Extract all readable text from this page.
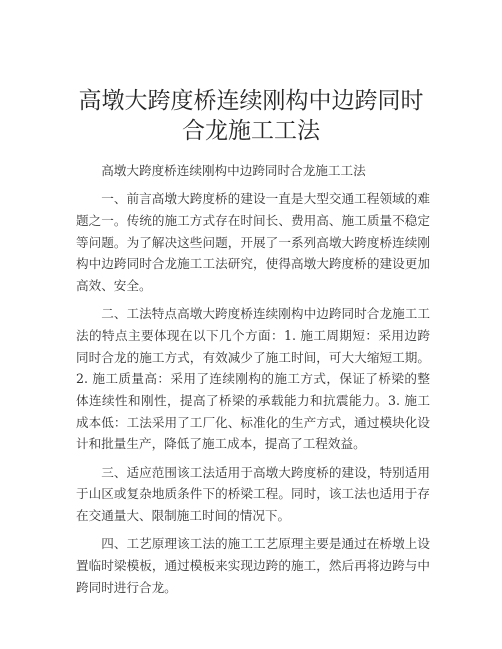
高墩大跨度桥连续刚构中边跨同时
合龙施工工法

高墩大跨度桥连续刚构中边跨同时合龙施工工法

一、前言高墩大跨度桥的建设一直是大型交通工程领域的难题之一。传统的施工方式存在时间长、费用高、施工质量不稳定等问题。为了解决这些问题，开展了一系列高墩大跨度桥连续刚构中边跨同时合龙施工工法研究，使得高墩大跨度桥的建设更加高效、安全。

二、工法特点高墩大跨度桥连续刚构中边跨同时合龙施工工法的特点主要体现在以下几个方面：1. 施工周期短：采用边跨同时合龙的施工方式，有效减少了施工时间，可大大缩短工期。2. 施工质量高：采用了连续刚构的施工方式，保证了桥梁的整体连续性和刚性，提高了桥梁的承载能力和抗震能力。3. 施工成本低：工法采用了工厂化、标准化的生产方式，通过模块化设计和批量生产，降低了施工成本，提高了工程效益。

三、适应范围该工法适用于高墩大跨度桥的建设，特别适用于山区或复杂地质条件下的桥梁工程。同时，该工法也适用于存在交通量大、限制施工时间的情况下。

四、工艺原理该工法的施工工艺原理主要是通过在桥墩上设置临时梁模板，通过模板来实现边跨的施工，然后再将边跨与中跨同时进行合龙。
